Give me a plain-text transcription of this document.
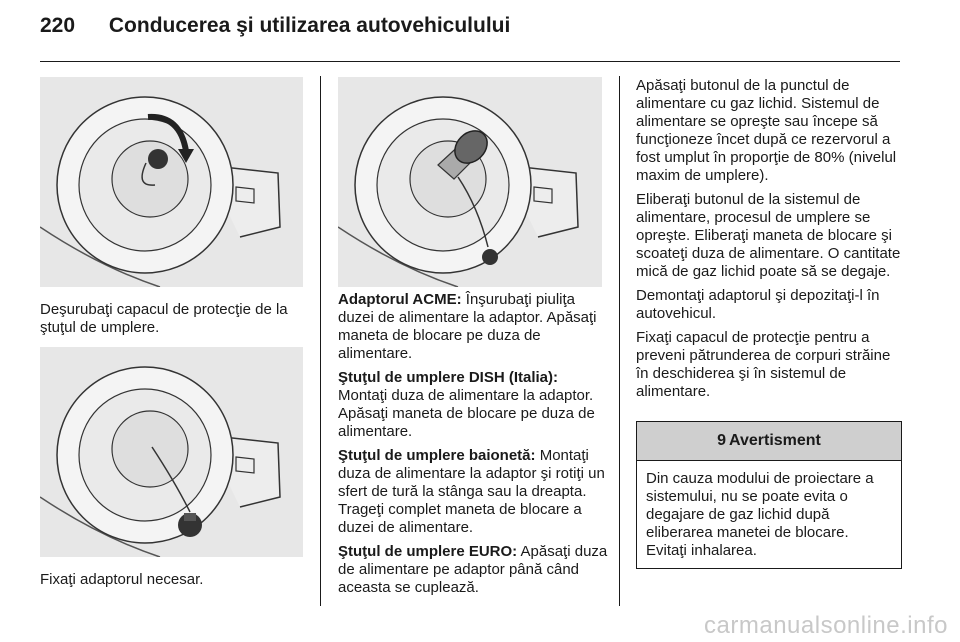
220 Conducerea şi utilizarea autovehiculului
Deşurubaţi capacul de protecţie de la ştuţul de umplere.
Fixaţi adaptorul necesar.

Adaptorul ACME: Înşurubaţi piuliţa duzei de alimentare la adaptor. Apăsaţi maneta de blocare pe duza de alimentare.

Ştuţul de umplere DISH (Italia): Montaţi duza de alimentare la adaptor. Apăsaţi maneta de blocare pe duza de alimentare.

Ştuţul de umplere baionetă: Montaţi duza de alimentare la adaptor şi rotiţi un sfert de tură la stânga sau la dreapta. Trageţi complet maneta de blocare a duzei de alimentare.

Ştuţul de umplere EURO: Apăsaţi duza de alimentare pe adaptor până când aceasta se cuplează.

Apăsaţi butonul de la punctul de alimentare cu gaz lichid. Sistemul de alimentare se opreşte sau începe să funcţioneze încet după ce rezervorul a fost umplut în proporţie de 80% (nivelul maxim de umplere).

Eliberaţi butonul de la sistemul de alimentare, procesul de umplere se opreşte. Eliberaţi maneta de blocare şi scoateţi duza de alimentare. O cantitate mică de gaz lichid poate să se degaje.

Demontaţi adaptorul şi depozitaţi-l în autovehicul.

Fixaţi capacul de protecţie pentru a preveni pătrunderea de corpuri străine în deschiderea şi în sistemul de alimentare.

9 Avertisment
Din cauza modului de proiectare a sistemului, nu se poate evita o degajare de gaz lichid după eliberarea manetei de blocare. Evitaţi inhalarea.
carmanualsonline.info
